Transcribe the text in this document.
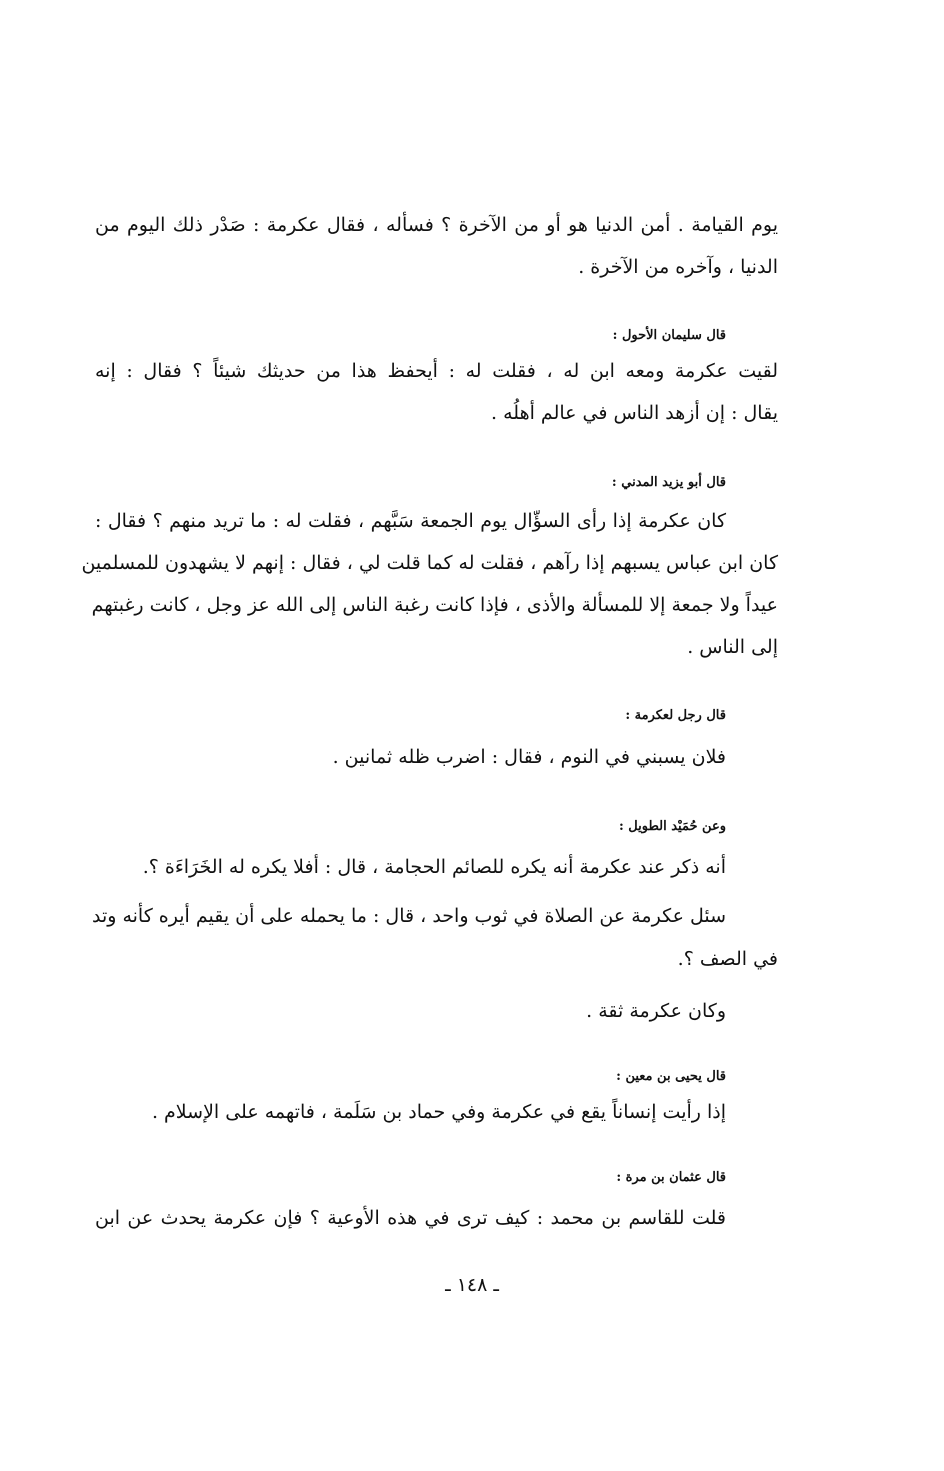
يوم القيامة . أمن الدنيا هو أو من الآخرة ؟ فسأله ، فقال عكرمة : صَدْر ذلك اليوم من
الدنيا ، وآخره من الآخرة .
قال سليمان الأحول :
لقيت عكرمة ومعه ابن له ، فقلت له : أيحفظ هذا من حديثك شيئاً ؟ فقال : إنه
يقال : إن أزهد الناس في عالم أهلُه .
قال أبو يزيد المدني :
كان عكرمة إذا رأى السؤّال يوم الجمعة سَبَّهم ، فقلت له : ما تريد منهم ؟ فقال :
كان ابن عباس يسبهم إذا رآهم ، فقلت له كما قلت لي ، فقال : إنهم لا يشهدون للمسلمين
عيداً ولا جمعة إلا للمسألة والأذى ، فإذا كانت رغبة الناس إلى الله عز وجل ، كانت رغبتهم
إلى الناس .
قال رجل لعكرمة :
فلان يسبني في النوم ، فقال : اضرب ظله ثمانين .
وعن حُمَيْد الطويل :
أنه ذكر عند عكرمة أنه يكره للصائم الحجامة ، قال : أفلا يكره له الخَرَاءَة ؟.
سئل عكرمة عن الصلاة في ثوب واحد ، قال : ما يحمله على أن يقيم أيره كأنه وتد
في الصف ؟.
وكان عكرمة ثقة .
قال يحيى بن معين :
إذا رأيت إنساناً يقع في عكرمة وفي حماد بن سَلَمة ، فاتهمه على الإسلام .
قال عثمان بن مرة :
قلت للقاسم بن محمد : كيف ترى في هذه الأوعية ؟ فإن عكرمة يحدث عن ابن
ـ ١٤٨ ـ
